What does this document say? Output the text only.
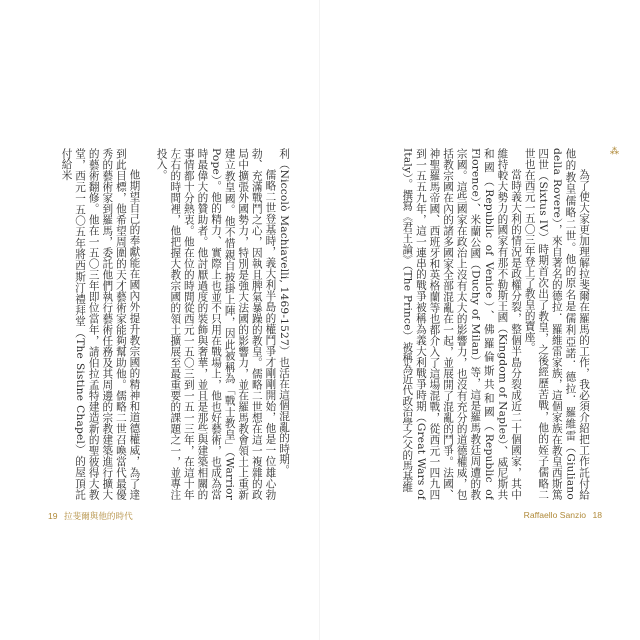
利（Niccolò Machiavelli, 1469-1527）也活在這個混亂的時期。

儒略二世登基時，義大利半島的權鬥爭才剛剛開始，他是一位雄心勃勃、充滿戰鬥之心，因執且脾氣暴躁的教皇。儒略二世想在這一複雜的政局中擴張外國勢力，特別是強大法國的影響力，並在羅馬教會領土上重新建立教皇國。他不惜親自披掛上陣，因此被稱為「戰士教皇」（Warrior Pope）。他的精力、實際上也並不只用在戰場上，他也好藝術，也成為當時最偉大的贊助者。他討厭過度的裝飾與奢華，並且是那些與建築相關的事情都十分熱衷。他在位的時間從西元一五〇三到一五一三年，在這十年左右的時間裡，他把握大教宗國的領土擴展至最重要的課題之一，並專注投入。

他期望自己的奉獻能在國內外提升教宗國的精神和道德權威，為了達到此目標，他希望周圍的天才藝術家能夠幫助他。儒略二世召喚當代最優秀的藝術家到羅馬，委託他們執行藝術任務及其周邊的宗教建築進行擴大的藝術翻修。他在一五〇三年即位當年，請伯拉孟特建造新的聖彼得大教堂，西元一五〇五年將西斯汀禮拜堂（The Sistine Chapel）的屋頂託付給米

19 拉斐爾與他的時代
⁂

為了使大家更加理解拉斐爾在羅馬的工作，我必須介紹把工作託付給他的教皇儒略二世。他的原名是儒利亞諾．德拉．羅維雷（Giuliano della Rovere），來自著名的德拉．羅維雷家族，這個家族在教皇西斯篤四世（Sixtus IV）時期首次出了教皇，之後經歷苦戰，他的姪子儒略二世也在西元一五〇三年登上了教皇的寶座。

當時義大利的情況是政權分裂，整個半島分裂成近二十個國家，其中維持較大勢力的國家有那不勒斯王國（Kingdom of Naples）、威尼斯共和國（Republic of Venice）、佛羅倫斯共和國（Republic of Florence）、米蘭公國（Duchy of Milan）等，這是羅馬教廷周遭的教宗國。這些國家在政治上沒有太大的影響力，也沒有充分的道德權威，包括教宗國在內的諸多國家全部混亂在一起，並展開了混亂的鬥爭。法國、神聖羅馬帝國、西班牙和英格蘭等也都介入了這場混戰，從西元一四九四到一五五九年，這一連串的戰爭被稱為義大利戰爭時期（Great Wars of Italy）。撰寫《君王論》（The Prince）被稱為近代政治學之父的馬基維

Raffaello Sanzio 18
